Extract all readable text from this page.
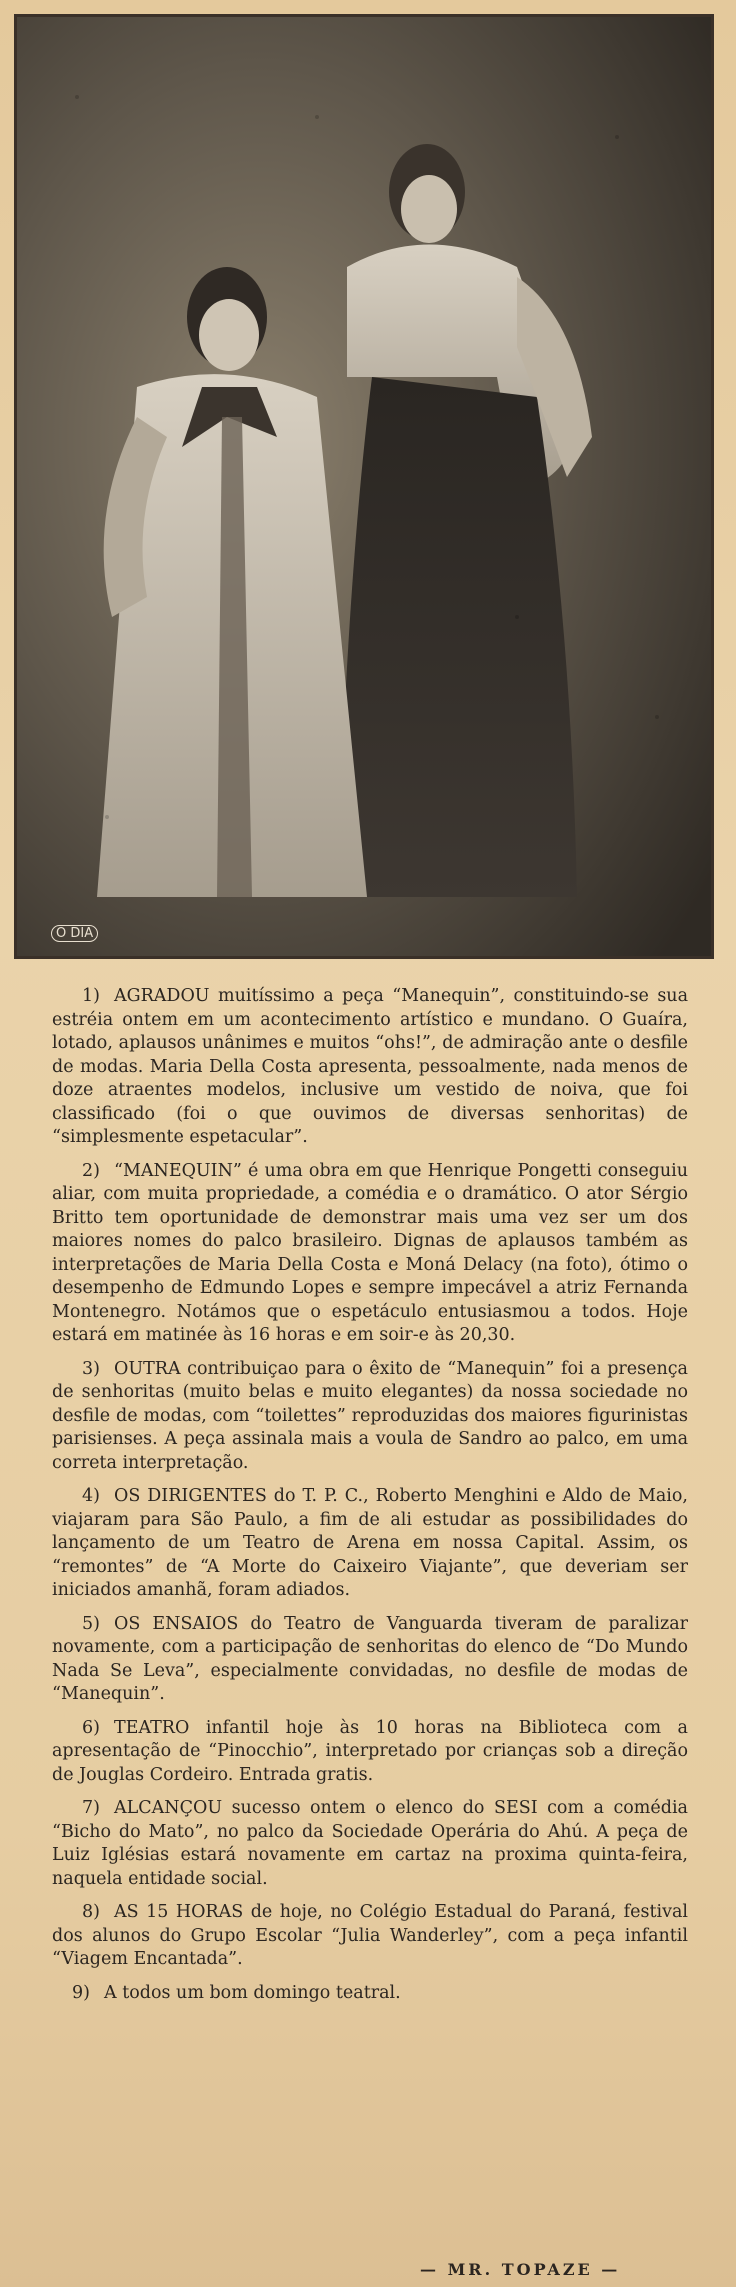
O DIA

1) AGRADOU muitíssimo a peça “Manequin”, constituindo-se sua estréia ontem em um acontecimento artístico e mundano. O Guaíra, lotado, aplausos unânimes e muitos “ohs!”, de admiração ante o desfile de modas. Maria Della Costa apresenta, pessoalmente, nada menos de doze atraentes modelos, inclusive um vestido de noiva, que foi classificado (foi o que ouvimos de diversas senhoritas) de “simplesmente espetacular”.

2) “MANEQUIN” é uma obra em que Henrique Pongetti conseguiu aliar, com muita propriedade, a comédia e o dramático. O ator Sérgio Britto tem oportunidade de demonstrar mais uma vez ser um dos maiores nomes do palco brasileiro. Dignas de aplausos também as interpretações de Maria Della Costa e Moná Delacy (na foto), ótimo o desempenho de Edmundo Lopes e sempre impecável a atriz Fernanda Montenegro. Notámos que o espetáculo entusiasmou a todos. Hoje estará em matinée às 16 horas e em soir-e às 20,30.

3) OUTRA contribuiçao para o êxito de “Manequin” foi a presença de senhoritas (muito belas e muito elegantes) da nossa sociedade no desfile de modas, com “toilettes” reproduzidas dos maiores figurinistas parisienses. A peça assinala mais a voula de Sandro ao palco, em uma correta interpretação.

4) OS DIRIGENTES do T. P. C., Roberto Menghini e Aldo de Maio, viajaram para São Paulo, a fim de ali estudar as possibilidades do lançamento de um Teatro de Arena em nossa Capital. Assim, os “remontes” de “A Morte do Caixeiro Viajante”, que deveriam ser iniciados amanhã, foram adiados.

5) OS ENSAIOS do Teatro de Vanguarda tiveram de paralizar novamente, com a participação de senhoritas do elenco de “Do Mundo Nada Se Leva”, especialmente convidadas, no desfile de modas de “Manequin”.

6) TEATRO infantil hoje às 10 horas na Biblioteca com a apresentação de “Pinocchio”, interpretado por crianças sob a direção de Jouglas Cordeiro. Entrada gratis.

7) ALCANÇOU sucesso ontem o elenco do SESI com a comédia “Bicho do Mato”, no palco da Sociedade Operária do Ahú. A peça de Luiz Iglésias estará novamente em cartaz na proxima quinta-feira, naquela entidade social.

8) AS 15 HORAS de hoje, no Colégio Estadual do Paraná, festival dos alunos do Grupo Escolar “Julia Wanderley”, com a peça infantil “Viagem Encantada”.

9) A todos um bom domingo teatral.

— MR. TOPAZE —
